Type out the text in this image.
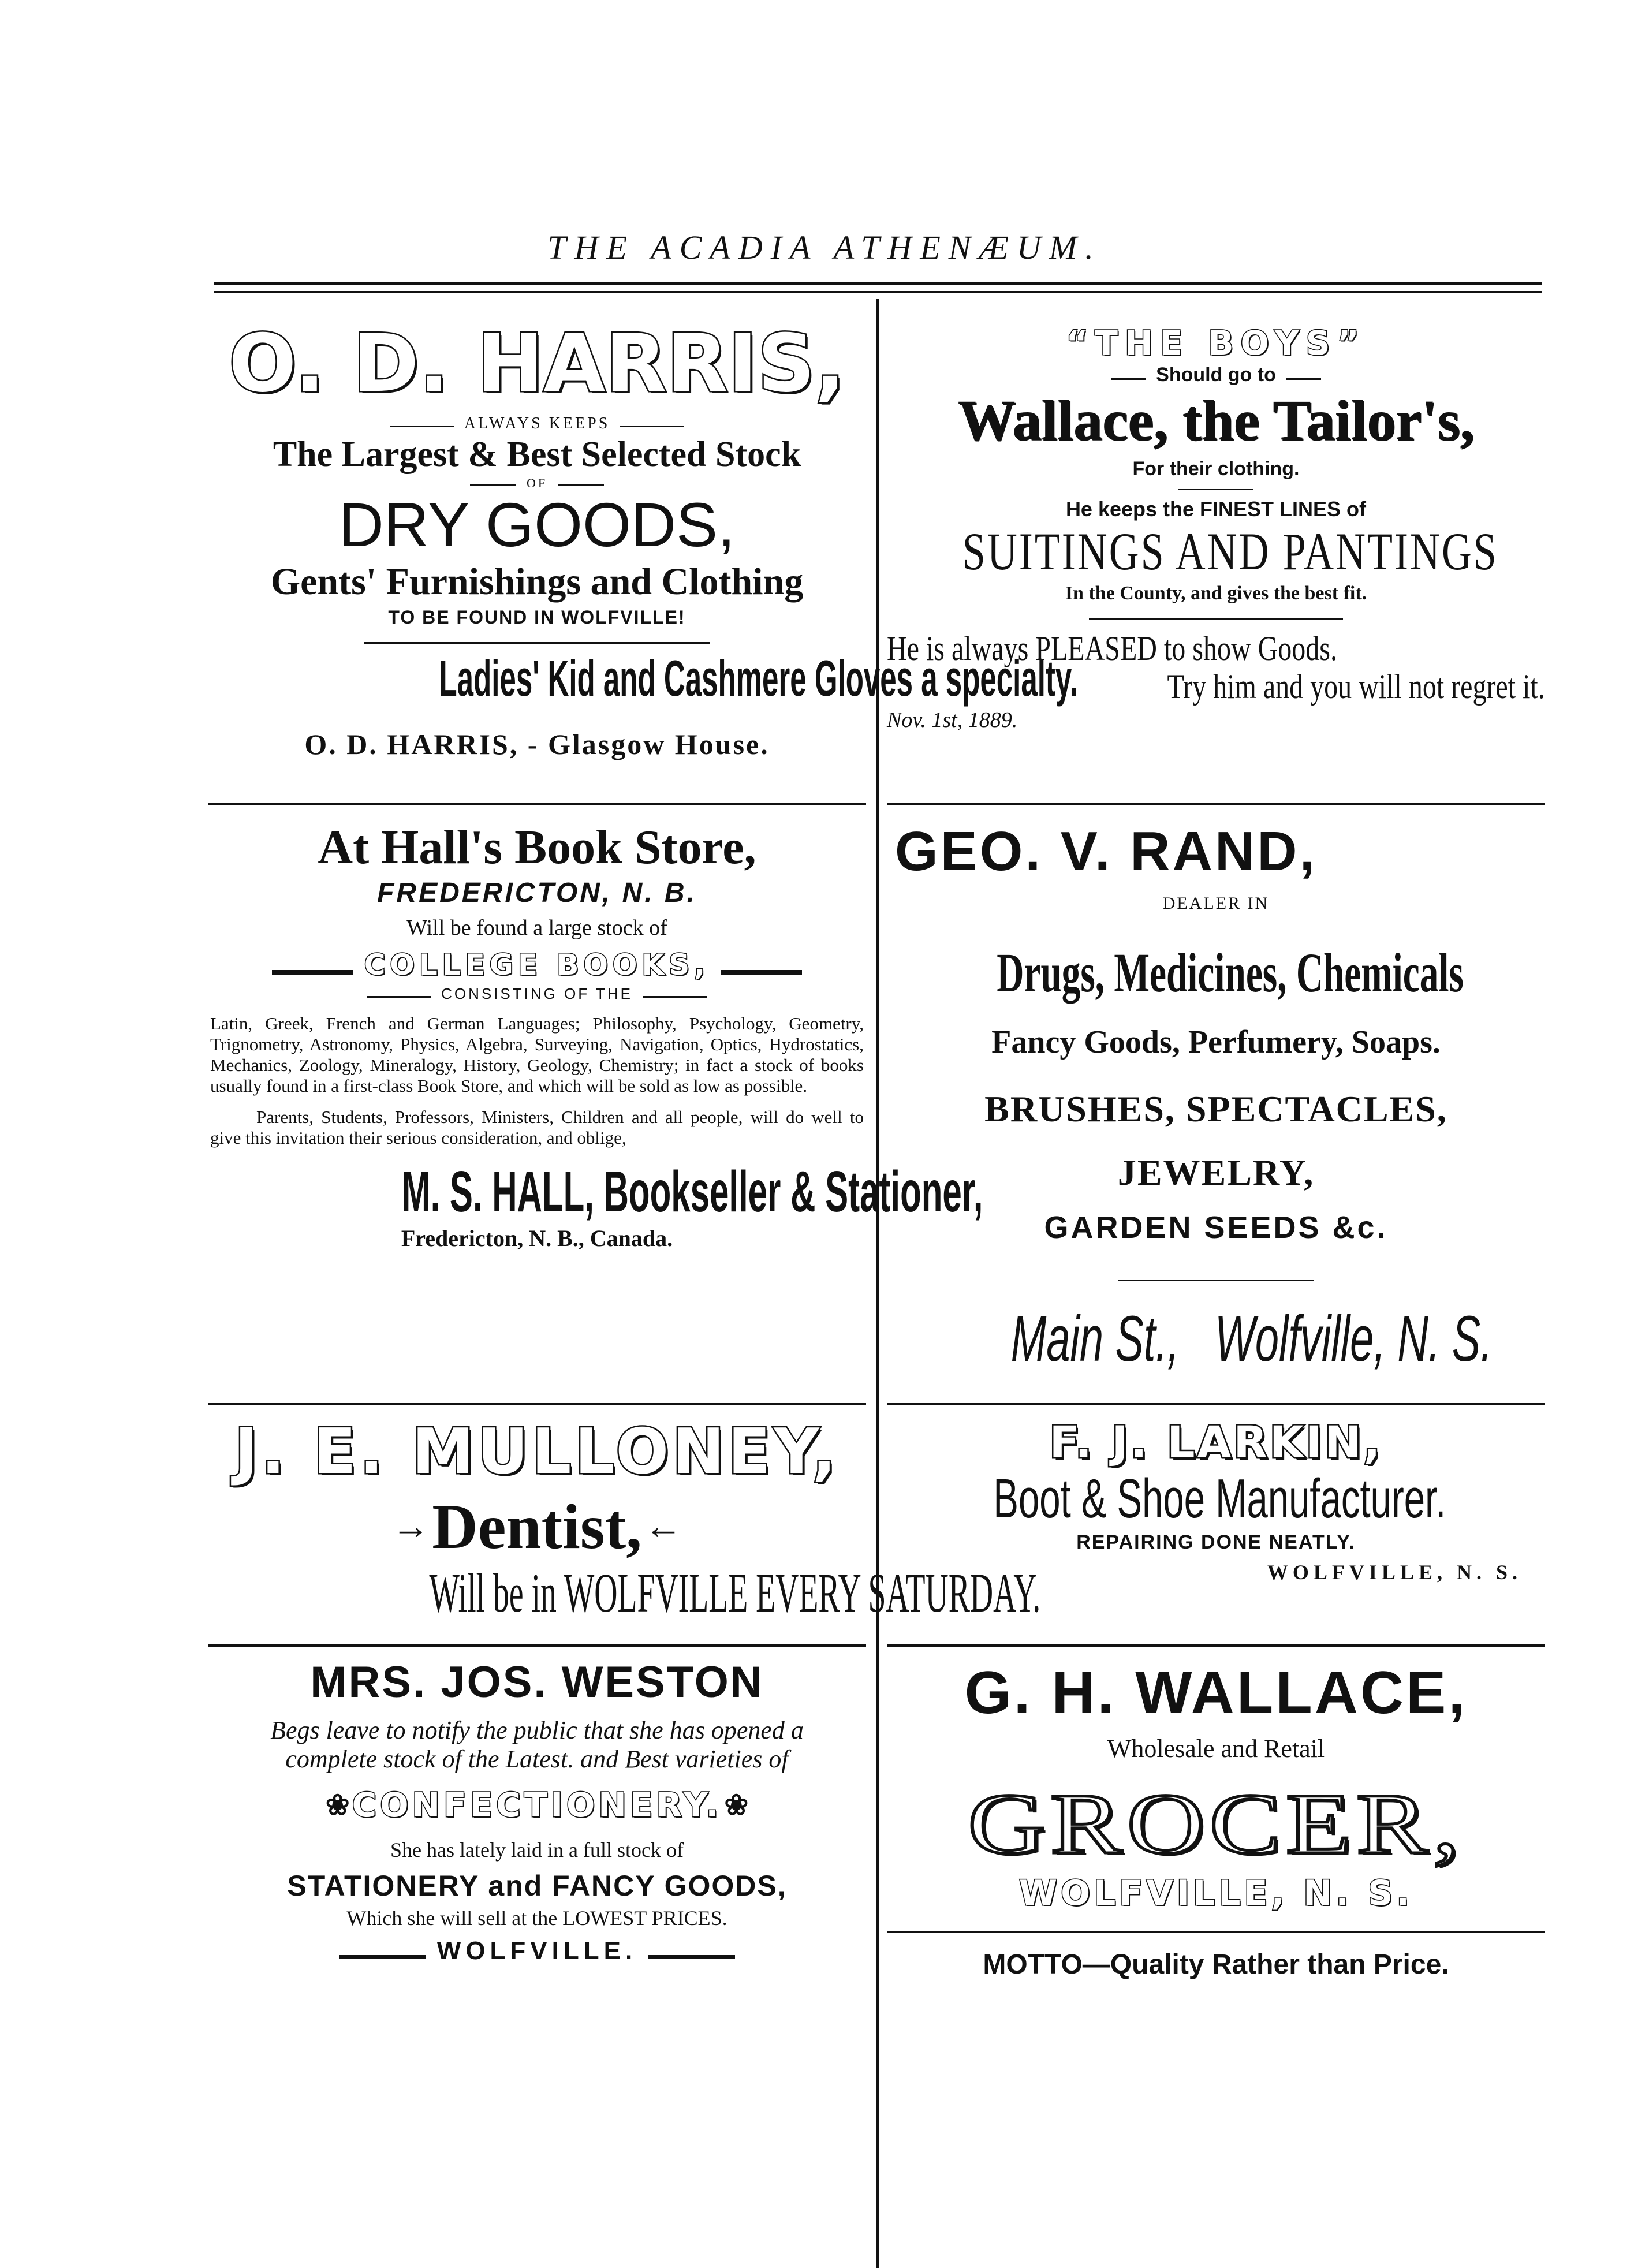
THE ACADIA ATHENÆUM.
O. D. HARRIS,
ALWAYS KEEPS
The Largest & Best Selected Stock
OF
DRY GOODS,
Gents' Furnishings and Clothing
TO BE FOUND IN WOLFVILLE!
Ladies' Kid and Cashmere Gloves a specialty.
O. D. HARRIS, - Glasgow House.
At Hall's Book Store,
FREDERICTON, N. B.
Will be found a large stock of
COLLEGE BOOKS,
CONSISTING OF THE

Latin, Greek, French and German Languages; Philosophy, Psychology, Geometry, Trignometry, Astronomy, Physics, Algebra, Surveying, Navigation, Optics, Hydrostatics, Mechanics, Zoology, Mineralogy, History, Geology, Chemistry; in fact a stock of books usually found in a first-class Book Store, and which will be sold as low as possible.

Parents, Students, Professors, Ministers, Children and all people, will do well to give this invitation their serious consideration, and oblige,

M. S. HALL, Bookseller & Stationer,
Fredericton, N. B., Canada.
J. E. MULLONEY,
→ Dentist, ←
Will be in WOLFVILLE EVERY SATURDAY.
MRS. JOS. WESTON

Begs leave to notify the public that she has opened a complete stock of the Latest. and Best varieties of

❀ CONFECTIONERY. ❀
She has lately laid in a full stock of
STATIONERY and FANCY GOODS,
Which she will sell at the LOWEST PRICES.
WOLFVILLE.
“THE BOYS”
Should go to
Wallace, the Tailor's,
For their clothing.
He keeps the FINEST LINES of
SUITINGS AND PANTINGS
In the County, and gives the best fit.
He is always PLEASED to show Goods.
Try him and you will not regret it.
Nov. 1st, 1889.
GEO. V. RAND,
DEALER IN
Drugs, Medicines, Chemicals
Fancy Goods, Perfumery, Soaps.
BRUSHES, SPECTACLES, JEWELRY,
GARDEN SEEDS &c.
Main St.,   Wolfville, N. S.
F. J. LARKIN,
Boot & Shoe Manufacturer.
REPAIRING DONE NEATLY.
WOLFVILLE, N. S.
G. H. WALLACE,
Wholesale and Retail
GROCER,
WOLFVILLE, N. S.
MOTTO—Quality Rather than Price.
